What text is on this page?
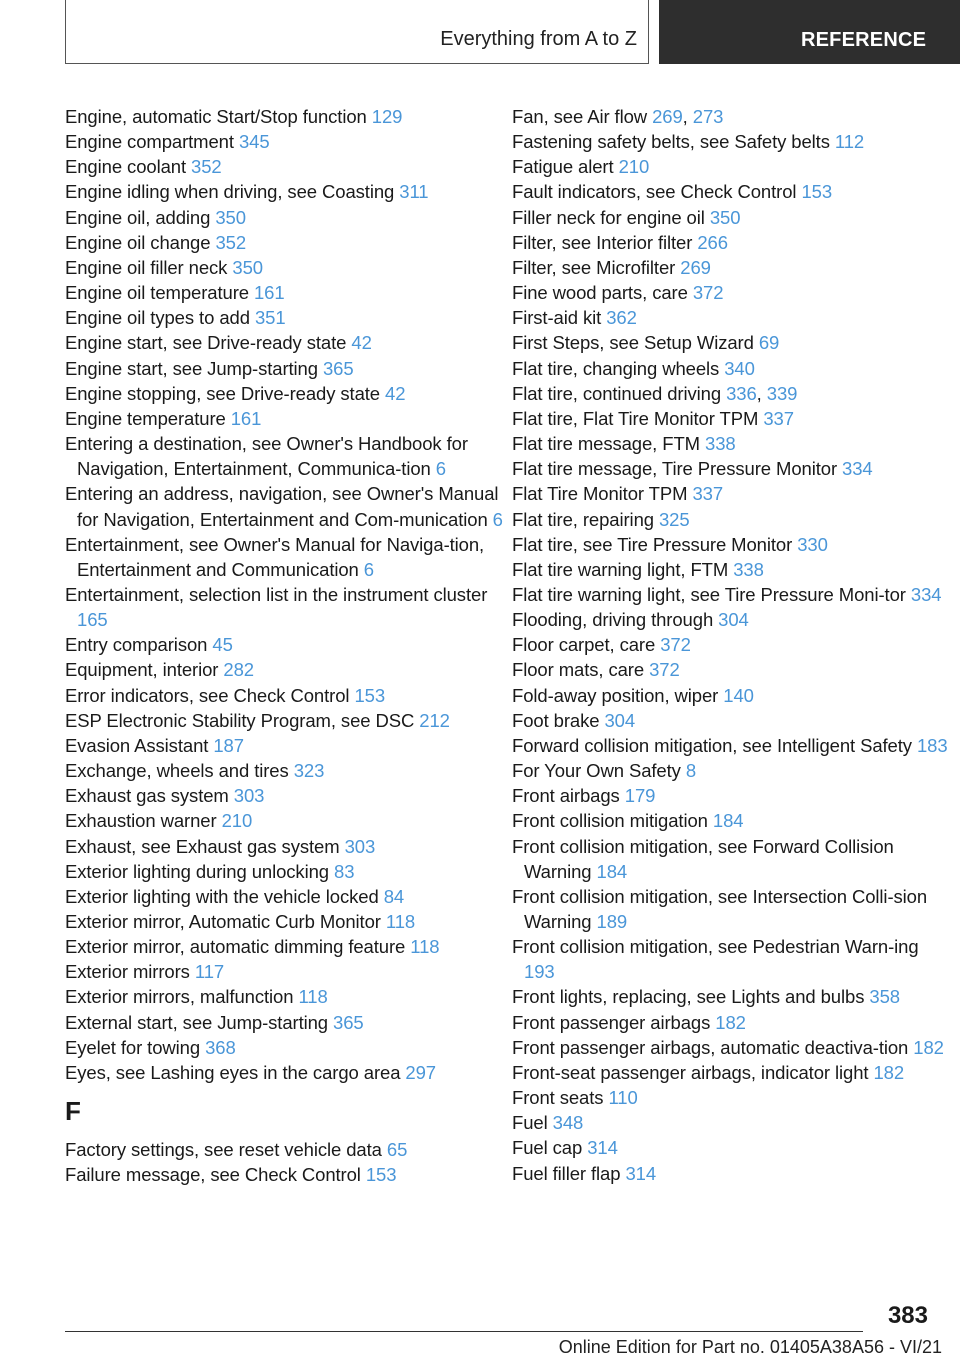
Everything from A to Z	REFERENCE
Engine, automatic Start/Stop function 129
Engine compartment 345
Engine coolant 352
Engine idling when driving, see Coasting 311
Engine oil, adding 350
Engine oil change 352
Engine oil filler neck 350
Engine oil temperature 161
Engine oil types to add 351
Engine start, see Drive-ready state 42
Engine start, see Jump-starting 365
Engine stopping, see Drive-ready state 42
Engine temperature 161
Entering a destination, see Owner's Handbook for Navigation, Entertainment, Communica-tion 6
Entering an address, navigation, see Owner's Manual for Navigation, Entertainment and Com-munication 6
Entertainment, see Owner's Manual for Naviga-tion, Entertainment and Communication 6
Entertainment, selection list in the instrument cluster 165
Entry comparison 45
Equipment, interior 282
Error indicators, see Check Control 153
ESP Electronic Stability Program, see DSC 212
Evasion Assistant 187
Exchange, wheels and tires 323
Exhaust gas system 303
Exhaustion warner 210
Exhaust, see Exhaust gas system 303
Exterior lighting during unlocking 83
Exterior lighting with the vehicle locked 84
Exterior mirror, Automatic Curb Monitor 118
Exterior mirror, automatic dimming feature 118
Exterior mirrors 117
Exterior mirrors, malfunction 118
External start, see Jump-starting 365
Eyelet for towing 368
Eyes, see Lashing eyes in the cargo area 297
F
Factory settings, see reset vehicle data 65
Failure message, see Check Control 153
Fan, see Air flow 269, 273
Fastening safety belts, see Safety belts 112
Fatigue alert 210
Fault indicators, see Check Control 153
Filler neck for engine oil 350
Filter, see Interior filter 266
Filter, see Microfilter 269
Fine wood parts, care 372
First-aid kit 362
First Steps, see Setup Wizard 69
Flat tire, changing wheels 340
Flat tire, continued driving 336, 339
Flat tire, Flat Tire Monitor TPM 337
Flat tire message, FTM 338
Flat tire message, Tire Pressure Monitor 334
Flat Tire Monitor TPM 337
Flat tire, repairing 325
Flat tire, see Tire Pressure Monitor 330
Flat tire warning light, FTM 338
Flat tire warning light, see Tire Pressure Moni-tor 334
Flooding, driving through 304
Floor carpet, care 372
Floor mats, care 372
Fold-away position, wiper 140
Foot brake 304
Forward collision mitigation, see Intelligent Safety 183
For Your Own Safety 8
Front airbags 179
Front collision mitigation 184
Front collision mitigation, see Forward Collision Warning 184
Front collision mitigation, see Intersection Colli-sion Warning 189
Front collision mitigation, see Pedestrian Warn-ing 193
Front lights, replacing, see Lights and bulbs 358
Front passenger airbags 182
Front passenger airbags, automatic deactiva-tion 182
Front-seat passenger airbags, indicator light 182
Front seats 110
Fuel 348
Fuel cap 314
Fuel filler flap 314
383
Online Edition for Part no. 01405A38A56 - VI/21
